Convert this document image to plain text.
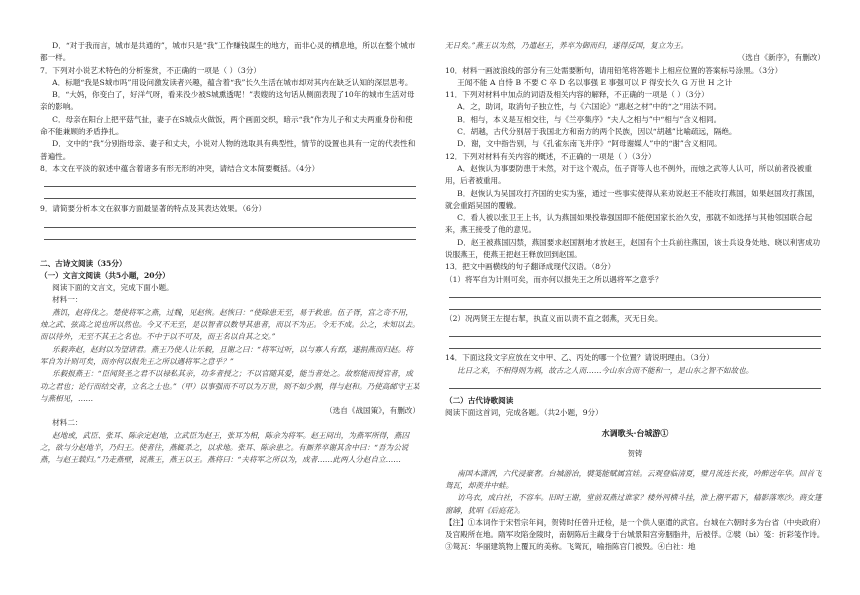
D．“对于我而言，城市是共通的”，城市只是“我”工作赚钱谋生的地方，而非心灵的栖息地，所以在整个城市都一样。

7．下列对小说艺术特色的分析鉴赏，不正确的一项是（ ）（3分）

A．标题“我是S城市吗”用设问激发读者兴趣，蕴含着“我”长久生活在城市却对其内在缺乏认知的深层思考。

B．“大妈，你变白了，好洋气呀，看来没少被S城熏透呢！”表嫂的这句话从侧面表现了10年的城市生活对母亲的影响。

C．母亲在阳台上把平菇气扯，妻子在S城点火做饭，两个画面交织，暗示“我”作为儿子和丈夫两重身份和使命不能兼顾的矛盾挣扎。

D．文中的“我”分别指母亲、妻子和丈夫，小说对人物的选取具有典型性，情节的设置也具有一定的代表性和普遍性。

8．本文在平淡的叙述中蕴含着诸多有形无形的冲突，请结合文本简要概括。（4分）

9．请简要分析本文在叙事方面最显著的特点及其表达效果。（6分）

二、古诗文阅读（35分）

（一）文言文阅读（共5小题，20分）

阅读下面的文言文，完成下面小题。

材料一：

燕饥，赵将伐之。楚使将军之燕，过魏，见赵恢。赵恢曰：“使除患无至，易于救患。伍子胥，宫之奇不用，烛之武、弦高之说也所以然也。今又不无至，是以智者以数导其患者，而以不为正。令无不成。公之，未知以去。而以待外，无至不其王之名也。不中于以不可及，而王名以自其之交。”

乐毅奔赵，赵封以为望诸君。燕王乃使人让乐毅，且谢之曰：“将军过听，以与寡人有郄，遂捐燕而归赵。将军自为计则可矣，而亦何以报先王之所以遇将军之意乎？”

乐毅报燕王：“臣闻贤圣之君不以禄私其亲，功多者授之；不以官随其爱，能当者处之。故察能而授官者，成功之君也；论行而结交者，立名之士也。”（甲）以事强而不可以为万世，则不如少割，得与赵和。乃使高邮守王某与燕相见，……

（选自《战国策》，有删改）

材料二：

赵地或，武臣、张耳、陈余定赵地，立武臣为赵王，张耳为相，陈余为将军。赵王间出，为燕军所得，燕囚之，欲与分赵地半，乃归王。使者往，燕辄杀之，以求地。张耳、陈余患之。有厮养卒谢其舍中曰：“吾为公说燕，与赵王载归。”乃走燕壁，说燕王，燕王以王。燕将曰：“夫将军之所以为，成者……此两人分赵自立……

无日矣。”燕王以为然，乃遣赵王，养卒为御而归，遂得反国，复立为王。

（选自《新序》，有删改）

10．材料一画波浪线的部分有三处需要断句，请用铅笔将答题卡上相应位置的答案标号涂黑。（3分）

王闻不能 A 自恃 B 不要 C 卒 D 名以事强 E 事强可以 F 得安长久 G 万世 H 之计

11．下列对材料中加点的词语及相关内容的解释，不正确的一项是（ ）（3分）

A．之，助词，取消句子独立性，与《六国论》“惠赵之材”中的“之”用法不同。

B．相与，本义是互相交往，与《兰亭集序》“夫人之相与”中“相与”含义相同。

C．胡越，古代分别居于我国北方和南方的两个民族，因以“胡越”比喻疏远，隔绝。

D．谢，文中指告别，与《孔雀东南飞并序》“阿母谢媒人”中的“谢”含义相同。

12．下列对材料有关内容的概述，不正确的一项是（ ）（3分）

A．赵恢认为事要防患于未然，对于这个观点，伍子胥等人也不例外，而烛之武等人认可，所以前者没被重用，后者被重用。

B．赵恢认为吴国攻打齐国的史实为鉴，通过一些事实使得从来劝说赵王不能攻打燕国，如果赵国攻打燕国，就会重蹈吴国的覆辙。

C．看人被以张卫王上书，认为燕国如果投靠强国即不能使国家长治久安，那就不如选择与其他邻国联合起来，燕王接受了他的意见。

D．赵王被燕国囚禁，燕国要求赵国割地才放赵王，赵国有个士兵前往燕国，该士兵设身处地、晓以利害成功说服燕王，使燕王把赵王释放回到赵国。

13．把文中画横线的句子翻译成现代汉语。（8分）

（1）将军自为计则可矣，而亦何以报先王之所以遇将军之意乎？

（2）况两贤王左提右挈，执直义而以责不直之弱燕，灭无日矣。

14．下面这段文字应放在文中甲、乙、丙处的哪一个位置？请说明理由。（3分）

比日之来，不相得则为祸，故古之人而……今山东合而不能和一，是山东之智不如故也。

（二）古代诗歌阅读

阅读下面这首词，完成各题。（共2小题，9分）

水调歌头·台城游①

贺铸

南国本潇洒，六代浸豪奢。台城游冶，襞笺能赋属宫娃。云观登临清夏，璧月流连长夜，吟醉送年华。回首飞鸳瓦，却羡井中蛙。

访乌衣，成白社，不容车。旧时王谢，堂前双燕过谁家？楼外河横斗挂，淮上潮平霜下，樯影落寒沙。商女篷窗罅，犹唱《后庭花》。

【注】①本词作于宋哲宗年间，贺铸时任曾升迁检，是一个供人驱遣的武官。台城在六朝时多为台省（中央政府）及宫殿所在地。隋军攻陷金陵时，南朝陈后主藏身于台城景阳宫旁胭脂井，后被俘。②襞（bì）笺：折彩笺作诗。③鸳瓦：华丽建筑物上覆瓦的美称。飞鸳瓦，喻指陈宫门被毁。④白社：地
